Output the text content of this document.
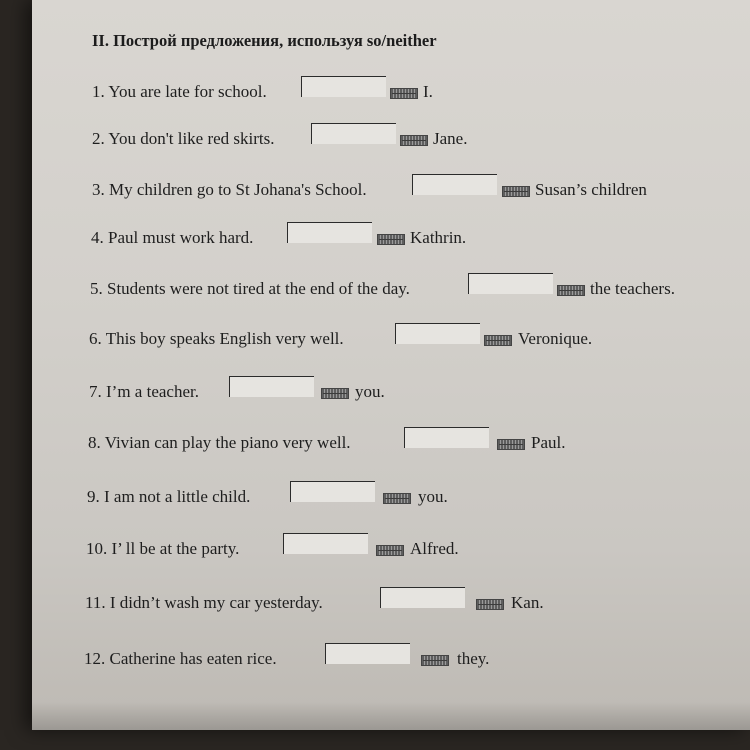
II. Построй предложения, используя so/neither
1. You are late for school.	I.
2. You don't like red skirts.	Jane.
3. My children go to St Johana's School.	Susan’s children
4. Paul must work hard.	Kathrin.
5. Students were not tired at the end of the day.	the teachers.
6. This boy speaks English very well.	Veronique.
7. I’m a teacher.	you.
8. Vivian can play the piano very well.	Paul.
9. I am not a little child.	you.
10. I’ ll be at the party.	Alfred.
11. I didn’t wash my car yesterday.	Kan.
12. Catherine has eaten rice.	they.
